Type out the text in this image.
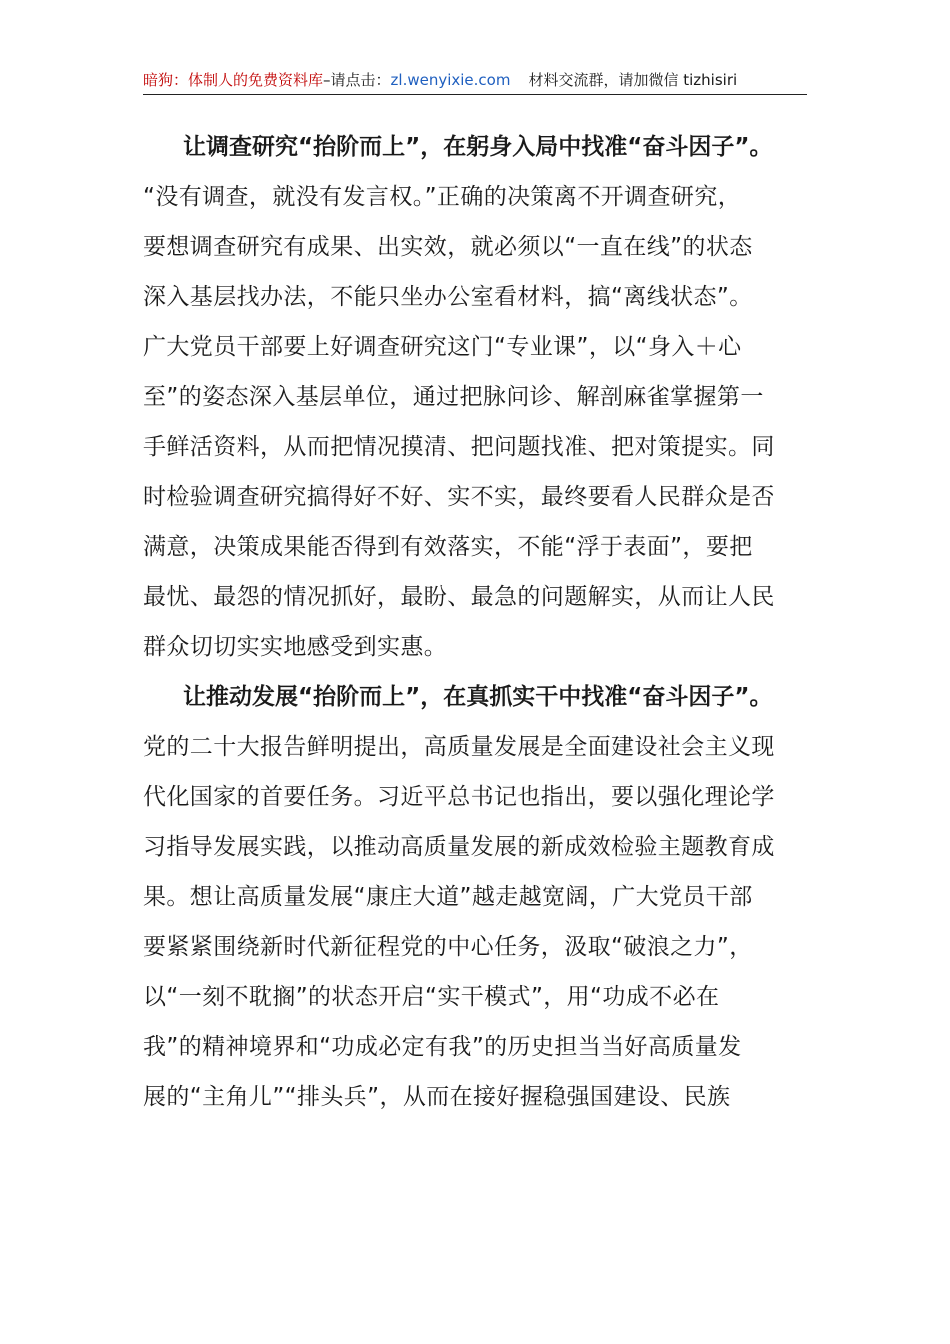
暗狗：体制人的免费资料库–请点击：zl.wenyixie.com 材料交流群，请加微信 tizhisiri
让调查研究“抬阶而上”，在躬身入局中找准“奋斗因子”。
“没有调查，就没有发言权。”正确的决策离不开调查研究，
要想调查研究有成果、出实效，就必须以“一直在线”的状态
深入基层找办法，不能只坐办公室看材料，搞“离线状态”。
广大党员干部要上好调查研究这门“专业课”，以“身入＋心
至”的姿态深入基层单位，通过把脉问诊、解剖麻雀掌握第一
手鲜活资料，从而把情况摸清、把问题找准、把对策提实。同
时检验调查研究搞得好不好、实不实，最终要看人民群众是否
满意，决策成果能否得到有效落实，不能“浮于表面”，要把
最忧、最怨的情况抓好，最盼、最急的问题解实，从而让人民
群众切切实实地感受到实惠。
让推动发展“抬阶而上”，在真抓实干中找准“奋斗因子”。
党的二十大报告鲜明提出，高质量发展是全面建设社会主义现
代化国家的首要任务。习近平总书记也指出，要以强化理论学
习指导发展实践，以推动高质量发展的新成效检验主题教育成
果。想让高质量发展“康庄大道”越走越宽阔，广大党员干部
要紧紧围绕新时代新征程党的中心任务，汲取“破浪之力”，
以“一刻不耽搁”的状态开启“实干模式”，用“功成不必在
我”的精神境界和“功成必定有我”的历史担当当好高质量发
展的“主角儿”“排头兵”，从而在接好握稳强国建设、民族
